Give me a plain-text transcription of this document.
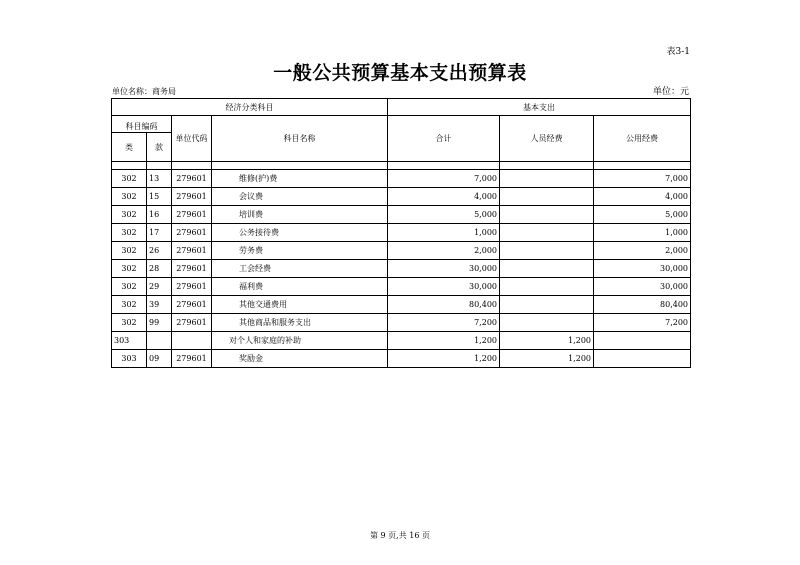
表3-1
一般公共预算基本支出预算表
单位名称：商务局	单位：元
经济分类科目				基本支出		
		单位代码	科目名称	合计	人员经费	公用经费
科目编码						
类	款					

302	13	279601	维修(护)费	7,000		7,000
302	15	279601	会议费	4,000		4,000
302	16	279601	培训费	5,000		5,000
302	17	279601	公务接待费	1,000		1,000
302	26	279601	劳务费	2,000		2,000
302	28	279601	工会经费	30,000		30,000
302	29	279601	福利费	30,000		30,000
302	39	279601	其他交通费用	80,400		80,400
302	99	279601	其他商品和服务支出	7,200		7,200
303			对个人和家庭的补助	1,200	1,200	
303	09	279601	奖励金	1,200	1,200	
第 9 页,共 16 页
